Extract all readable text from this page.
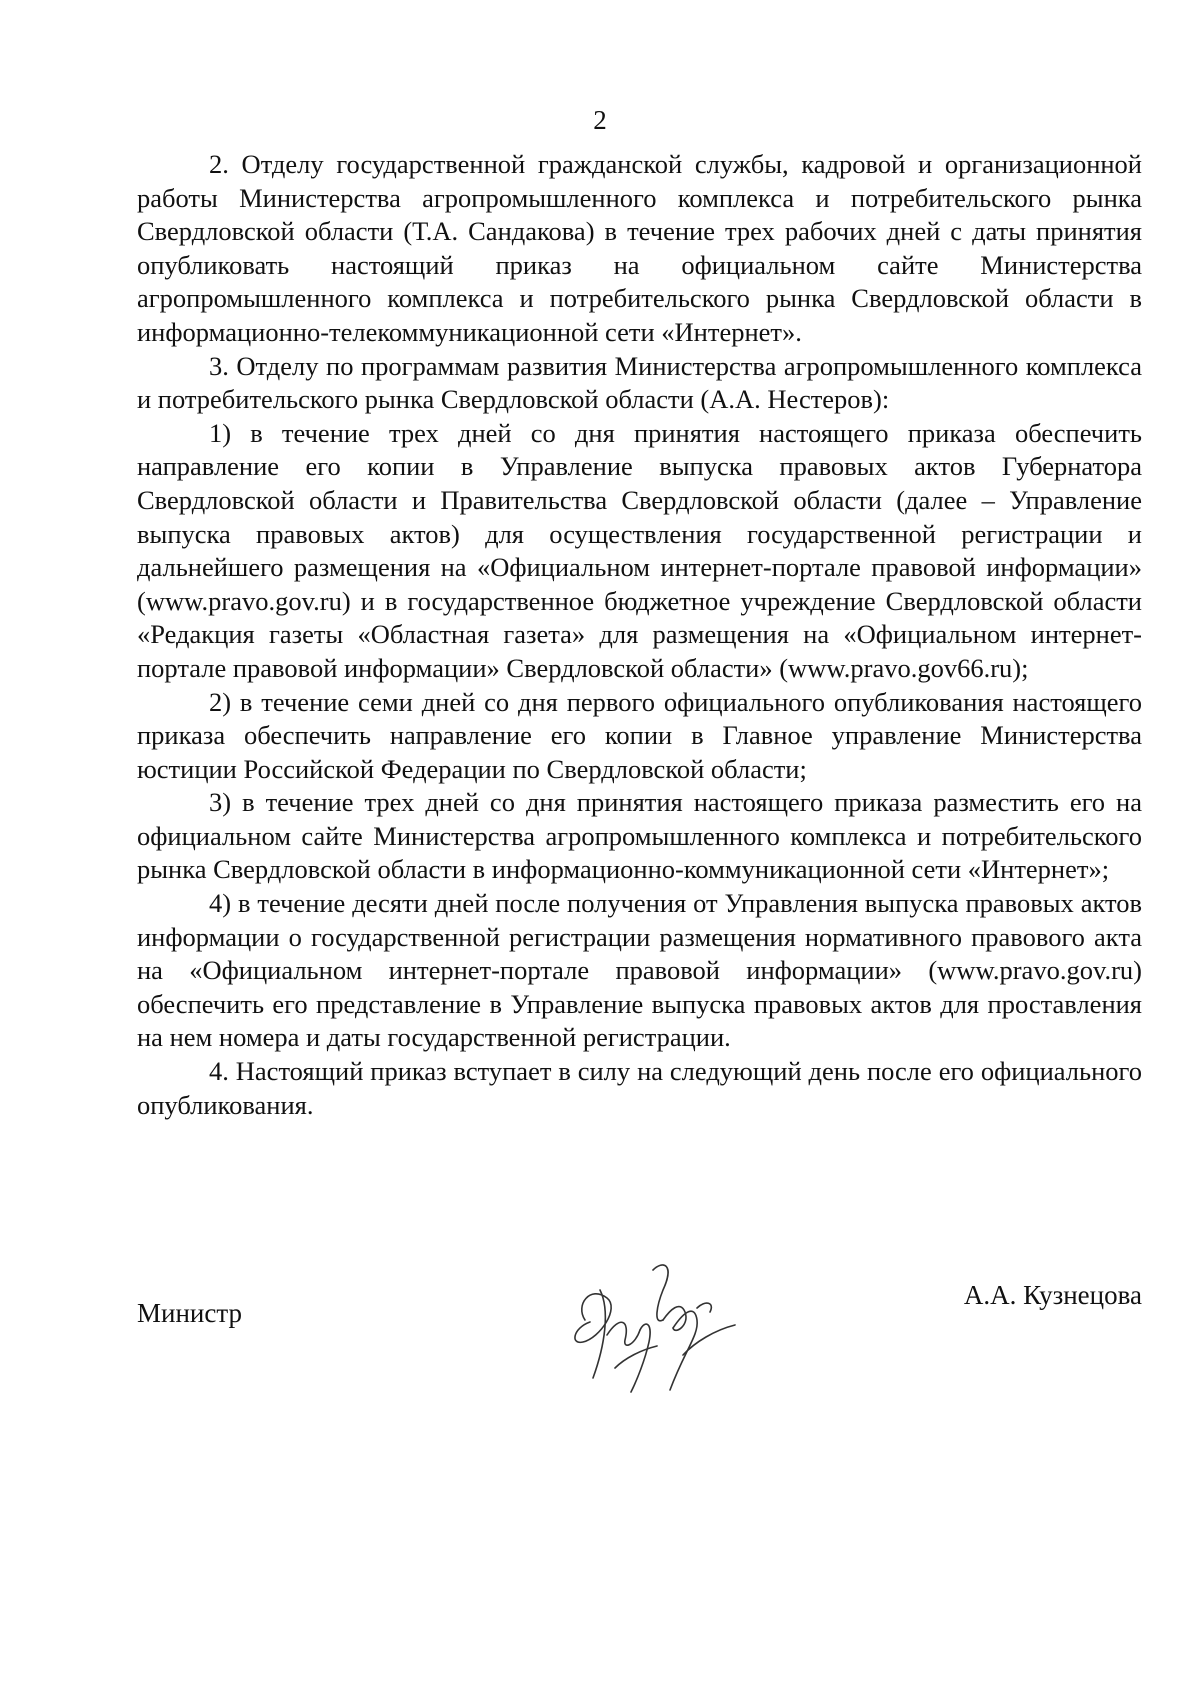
2

2. Отделу государственной гражданской службы, кадровой и организационной работы Министерства агропромышленного комплекса и потребительского рынка Свердловской области (Т.А. Сандакова) в течение трех рабочих дней с даты принятия опубликовать настоящий приказ на официальном сайте Министерства агропромышленного комплекса и потребительского рынка Свердловской области в информационно-телекоммуникационной сети «Интернет».

3. Отделу по программам развития Министерства агропромышленного комплекса и потребительского рынка Свердловской области (А.А. Нестеров):

1) в течение трех дней со дня принятия настоящего приказа обеспечить направление его копии в Управление выпуска правовых актов Губернатора Свердловской области и Правительства Свердловской области (далее – Управление выпуска правовых актов) для осуществления государственной регистрации и дальнейшего размещения на «Официальном интернет-портале правовой информации» (www.pravo.gov.ru) и в государственное бюджетное учреждение Свердловской области «Редакция газеты «Областная газета» для размещения на «Официальном интернет-портале правовой информации» Свердловской области» (www.pravo.gov66.ru);

2) в течение семи дней со дня первого официального опубликования настоящего приказа обеспечить направление его копии в Главное управление Министерства юстиции Российской Федерации по Свердловской области;

3) в течение трех дней со дня принятия настоящего приказа разместить его на официальном сайте Министерства агропромышленного комплекса и потребительского рынка Свердловской области в информационно-коммуникационной сети «Интернет»;

4) в течение десяти дней после получения от Управления выпуска правовых актов информации о государственной регистрации размещения нормативного правового акта на «Официальном интернет-портале правовой информации» (www.pravo.gov.ru) обеспечить его представление в Управление выпуска правовых актов для проставления на нем номера и даты государственной регистрации.

4. Настоящий приказ вступает в силу на следующий день после его официального опубликования.

Министр
А.А. Кузнецова
